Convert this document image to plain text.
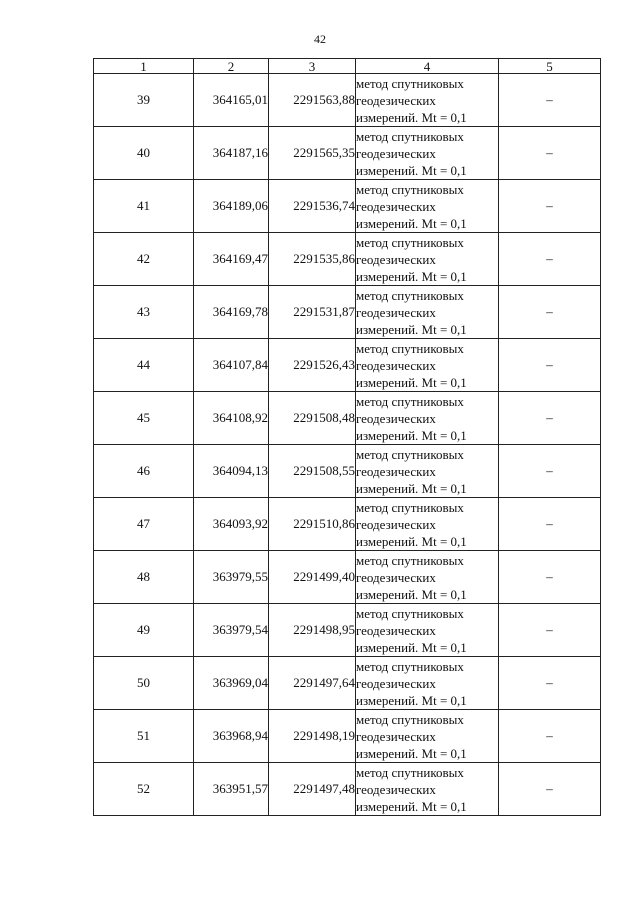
42
1	2	3	4	5
39	364165,01	2291563,88	метод спутниковых
геодезических
измерений. Mt = 0,1	–
40	364187,16	2291565,35	метод спутниковых
геодезических
измерений. Mt = 0,1	–
41	364189,06	2291536,74	метод спутниковых
геодезических
измерений. Mt = 0,1	–
42	364169,47	2291535,86	метод спутниковых
геодезических
измерений. Mt = 0,1	–
43	364169,78	2291531,87	метод спутниковых
геодезических
измерений. Mt = 0,1	–
44	364107,84	2291526,43	метод спутниковых
геодезических
измерений. Mt = 0,1	–
45	364108,92	2291508,48	метод спутниковых
геодезических
измерений. Mt = 0,1	–
46	364094,13	2291508,55	метод спутниковых
геодезических
измерений. Mt = 0,1	–
47	364093,92	2291510,86	метод спутниковых
геодезических
измерений. Mt = 0,1	–
48	363979,55	2291499,40	метод спутниковых
геодезических
измерений. Mt = 0,1	–
49	363979,54	2291498,95	метод спутниковых
геодезических
измерений. Mt = 0,1	–
50	363969,04	2291497,64	метод спутниковых
геодезических
измерений. Mt = 0,1	–
51	363968,94	2291498,19	метод спутниковых
геодезических
измерений. Mt = 0,1	–
52	363951,57	2291497,48	метод спутниковых
геодезических
измерений. Mt = 0,1	–
